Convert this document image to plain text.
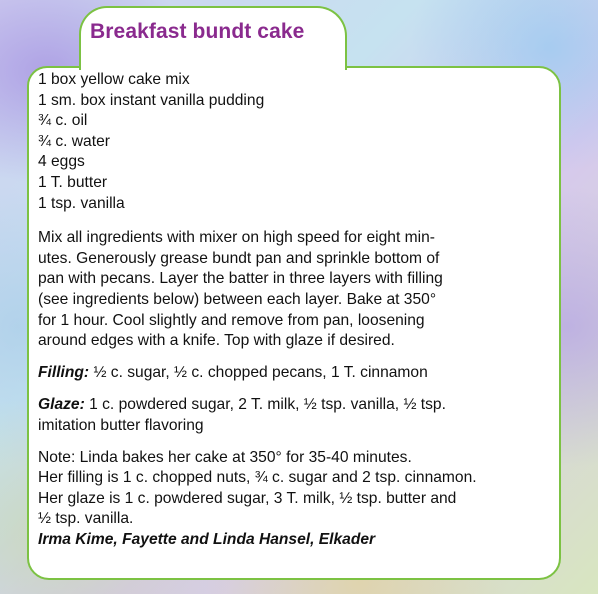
Breakfast bundt cake
1 box yellow cake mix
1 sm. box instant vanilla pudding
¾ c. oil
¾ c. water
4 eggs
1 T. butter
1 tsp. vanilla

Mix all ingredients with mixer on high speed for eight min-
utes. Generously grease bundt pan and sprinkle bottom of
pan with pecans. Layer the batter in three layers with filling
(see ingredients below) between each layer. Bake at 350°
for 1 hour. Cool slightly and remove from pan, loosening
around edges with a knife. Top with glaze if desired.

Filling: ½ c. sugar, ½ c. chopped pecans, 1 T. cinnamon

Glaze: 1 c. powdered sugar, 2 T. milk, ½ tsp. vanilla, ½ tsp.
imitation butter flavoring

Note: Linda bakes her cake at 350° for 35-40 minutes.
Her filling is 1 c. chopped nuts, ¾ c. sugar and 2 tsp. cinnamon.
Her glaze is 1 c. powdered sugar, 3 T. milk, ½ tsp. butter and
½ tsp. vanilla.
Irma Kime, Fayette and Linda Hansel, Elkader
